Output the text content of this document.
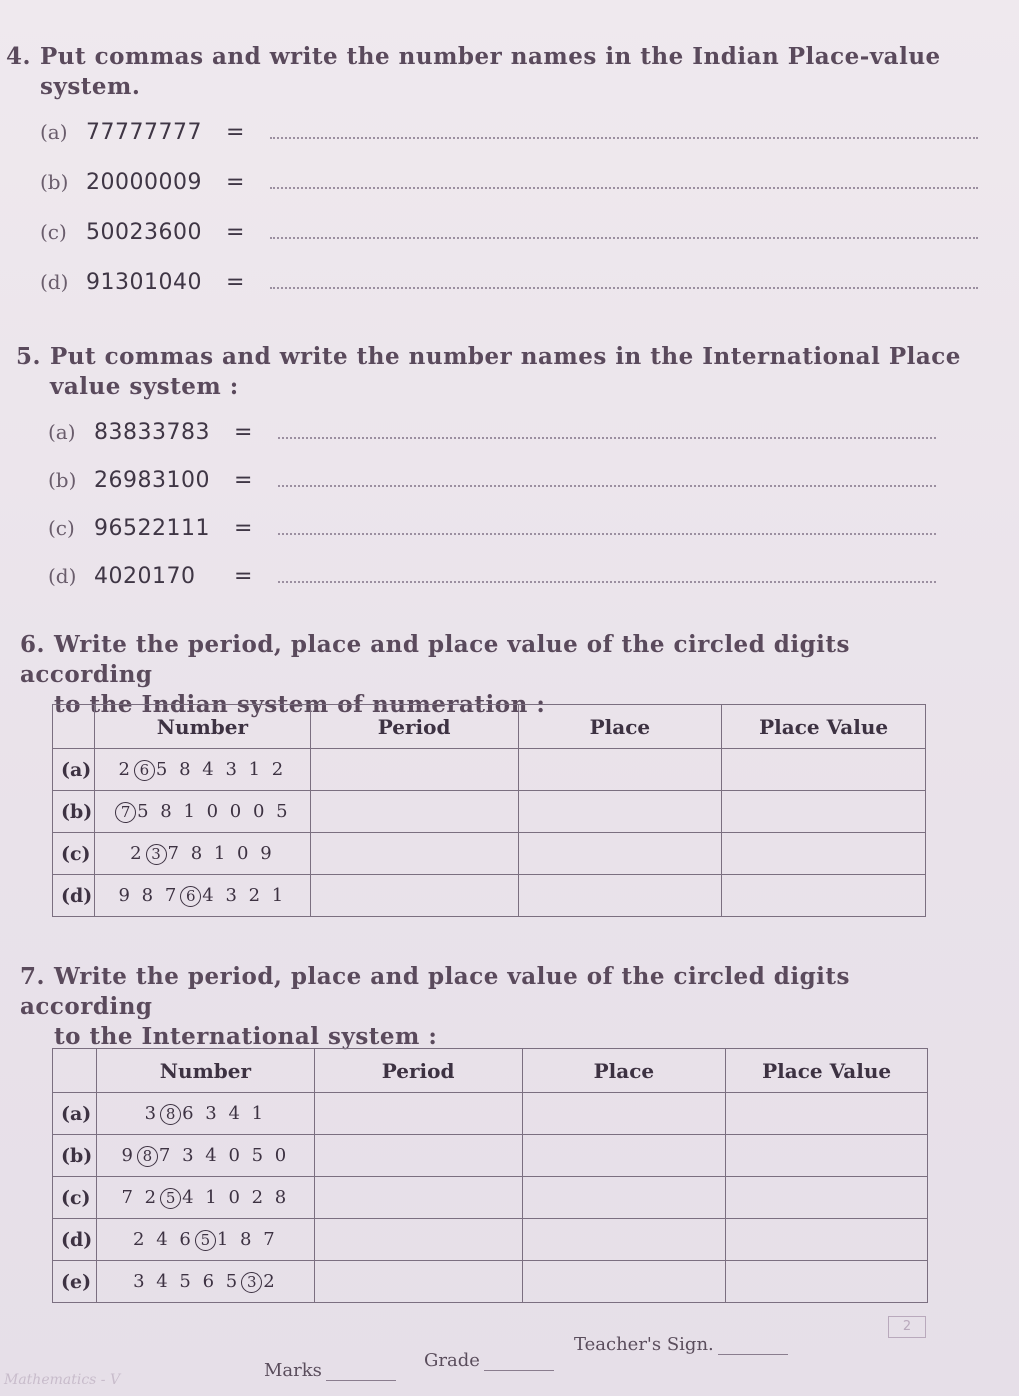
4. Put commas and write the number names in the Indian Place-value
system.
(a) 77777777 =
(b) 20000009 =
(c) 50023600 =
(d) 91301040 =
5. Put commas and write the number names in the International Place
value system :
(a) 83833783 =
(b) 26983100 =
(c) 96522111 =
(d) 4020170 =
6. Write the period, place and place value of the circled digits according
to the Indian system of numeration :
	Number	Period	Place	Place Value
(a)	2 6 5 8 4 3 1 2			
(b)	7 5 8 1 0 0 0 5			
(c)	2 3 7 8 1 0 9			
(d)	9 8 7 6 4 3 2 1			
7. Write the period, place and place value of the circled digits according
to the International system :
	Number	Period	Place	Place Value
(a)	3 8 6 3 4 1			
(b)	9 8 7 3 4 0 5 0			
(c)	7 2 5 4 1 0 2 8			
(d)	2 4 6 5 1 8 7			
(e)	3 4 5 6 5 3 2			
2
Teacher's Sign.
Grade
Marks
Mathematics - V
